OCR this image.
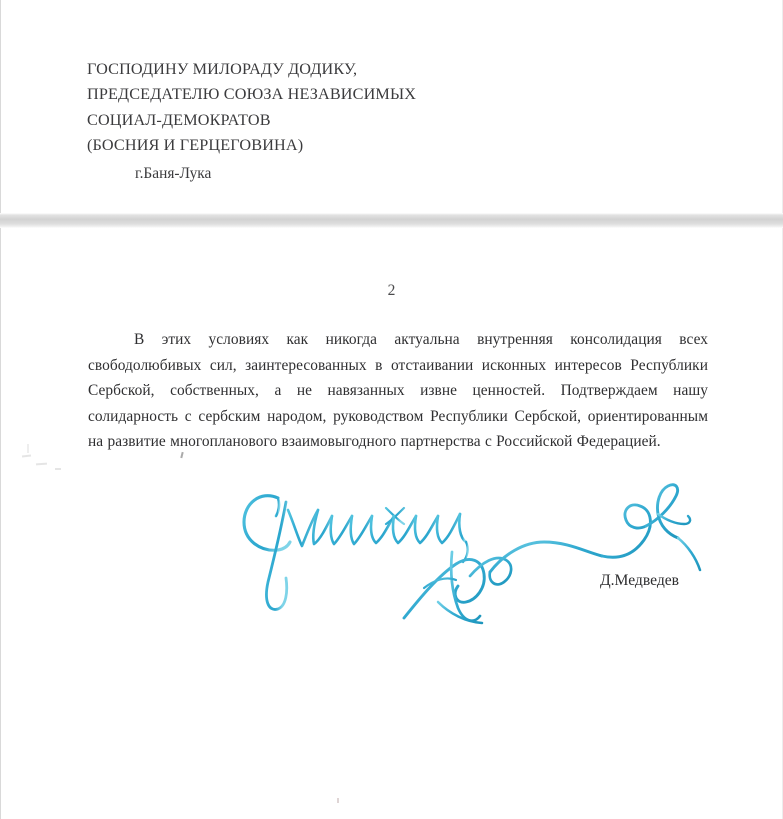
ГОСПОДИНУ МИЛОРАДУ ДОДИКУ,
ПРЕДСЕДАТЕЛЮ СОЮЗА НЕЗАВИСИМЫХ
СОЦИАЛ-ДЕМОКРАТОВ
(БОСНИЯ И ГЕРЦЕГОВИНА)
г.Баня-Лука
2
В этих условиях как никогда актуальна внутренняя консолидация всех свободолюбивых сил, заинтересованных в отстаивании исконных интересов Республики Сербской, собственных, а не навязанных извне ценностей. Подтверждаем нашу солидарность с сербским народом, руководством Республики Сербской, ориентированным на развитие многопланового взаимовыгодного партнерства с Российской Федерацией.
Д.Медведев
